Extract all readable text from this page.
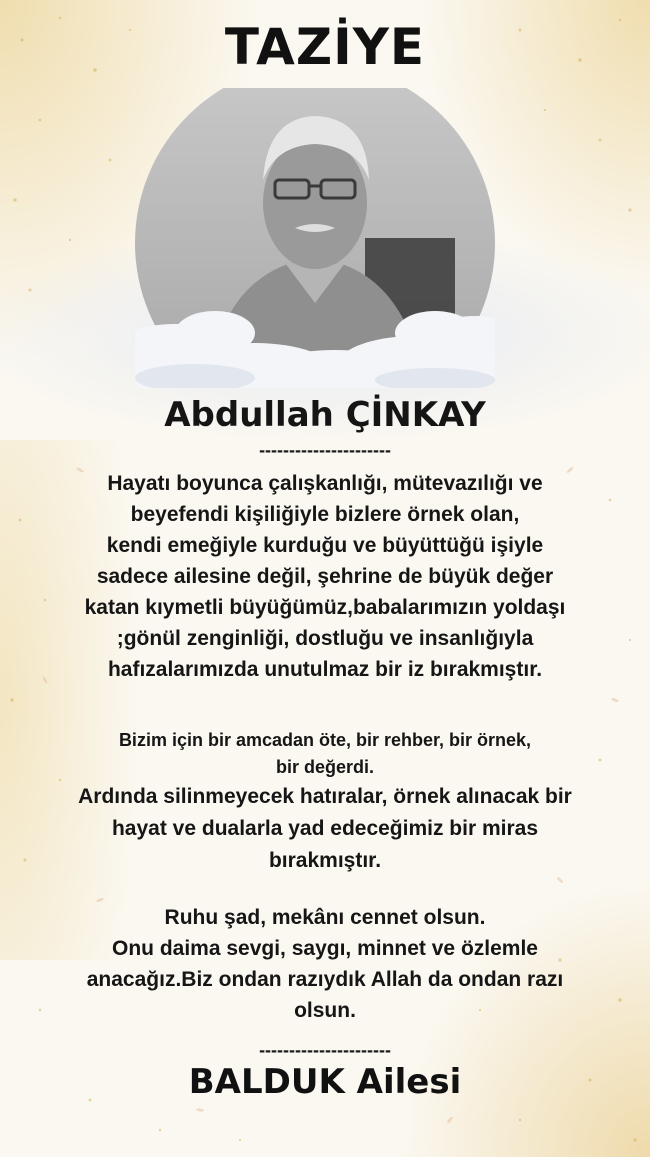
TAZİYE
Abdullah ÇİNKAY
----------------------

Hayatı boyunca çalışkanlığı, mütevazılığı ve
beyefendi kişiliğiyle bizlere örnek olan,
kendi emeğiyle kurduğu ve büyüttüğü işiyle
sadece ailesine değil, şehrine de büyük değer
katan kıymetli büyüğümüz,babalarımızın yoldaşı
;gönül zenginliği, dostluğu ve insanlığıyla
hafızalarımızda unutulmaz bir iz bırakmıştır.

Bizim için bir amcadan öte, bir rehber, bir örnek,
bir değerdi.

Ardında silinmeyecek hatıralar, örnek alınacak bir
hayat ve dualarla yad edeceğimiz bir miras
bırakmıştır.

Ruhu şad, mekânı cennet olsun.
Onu daima sevgi, saygı, minnet ve özlemle
anacağız.Biz ondan razıydık Allah da ondan razı
olsun.

----------------------
BALDUK Ailesi
